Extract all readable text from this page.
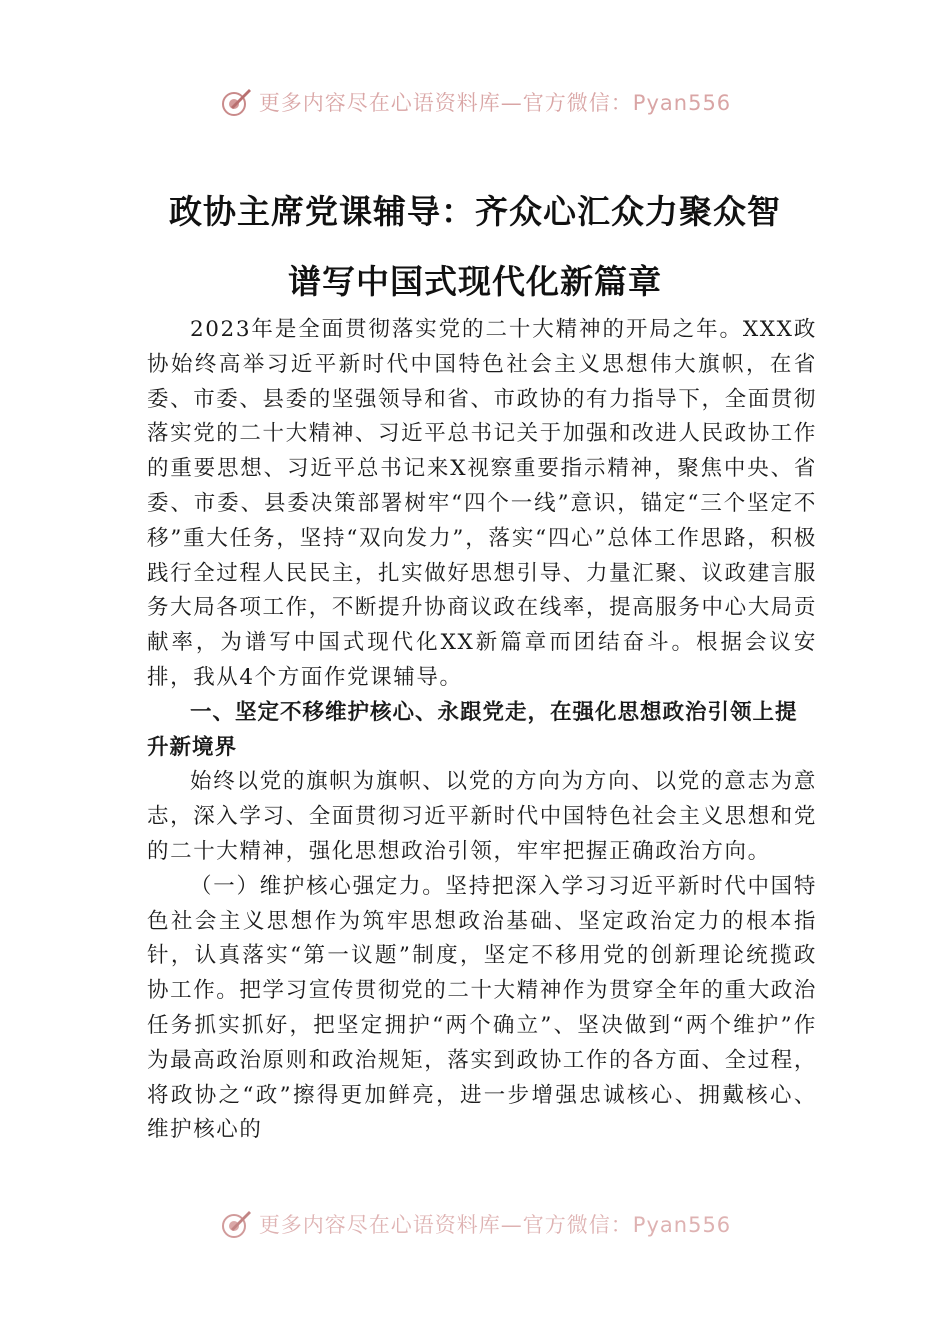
更多内容尽在心语资料库—官方微信：Pyan556
政协主席党课辅导：齐众心汇众力聚众智
谱写中国式现代化新篇章

2023年是全面贯彻落实党的二十大精神的开局之年。XXX政协始终高举习近平新时代中国特色社会主义思想伟大旗帜，在省委、市委、县委的坚强领导和省、市政协的有力指导下，全面贯彻落实党的二十大精神、习近平总书记关于加强和改进人民政协工作的重要思想、习近平总书记来X视察重要指示精神，聚焦中央、省委、市委、县委决策部署树牢“四个一线”意识，锚定“三个坚定不移”重大任务，坚持“双向发力”，落实“四心”总体工作思路，积极践行全过程人民民主，扎实做好思想引导、力量汇聚、议政建言服务大局各项工作，不断提升协商议政在线率，提高服务中心大局贡献率，为谱写中国式现代化XX新篇章而团结奋斗。根据会议安排，我从4个方面作党课辅导。

一、坚定不移维护核心、永跟党走，在强化思想政治引领上提升新境界

始终以党的旗帜为旗帜、以党的方向为方向、以党的意志为意志，深入学习、全面贯彻习近平新时代中国特色社会主义思想和党的二十大精神，强化思想政治引领，牢牢把握正确政治方向。

（一）维护核心强定力。坚持把深入学习习近平新时代中国特色社会主义思想作为筑牢思想政治基础、坚定政治定力的根本指针，认真落实“第一议题”制度，坚定不移用党的创新理论统揽政协工作。把学习宣传贯彻党的二十大精神作为贯穿全年的重大政治任务抓实抓好，把坚定拥护“两个确立”、坚决做到“两个维护”作为最高政治原则和政治规矩，落实到政协工作的各方面、全过程，将政协之“政”擦得更加鲜亮，进一步增强忠诚核心、拥戴核心、维护核心的

更多内容尽在心语资料库—官方微信：Pyan556
